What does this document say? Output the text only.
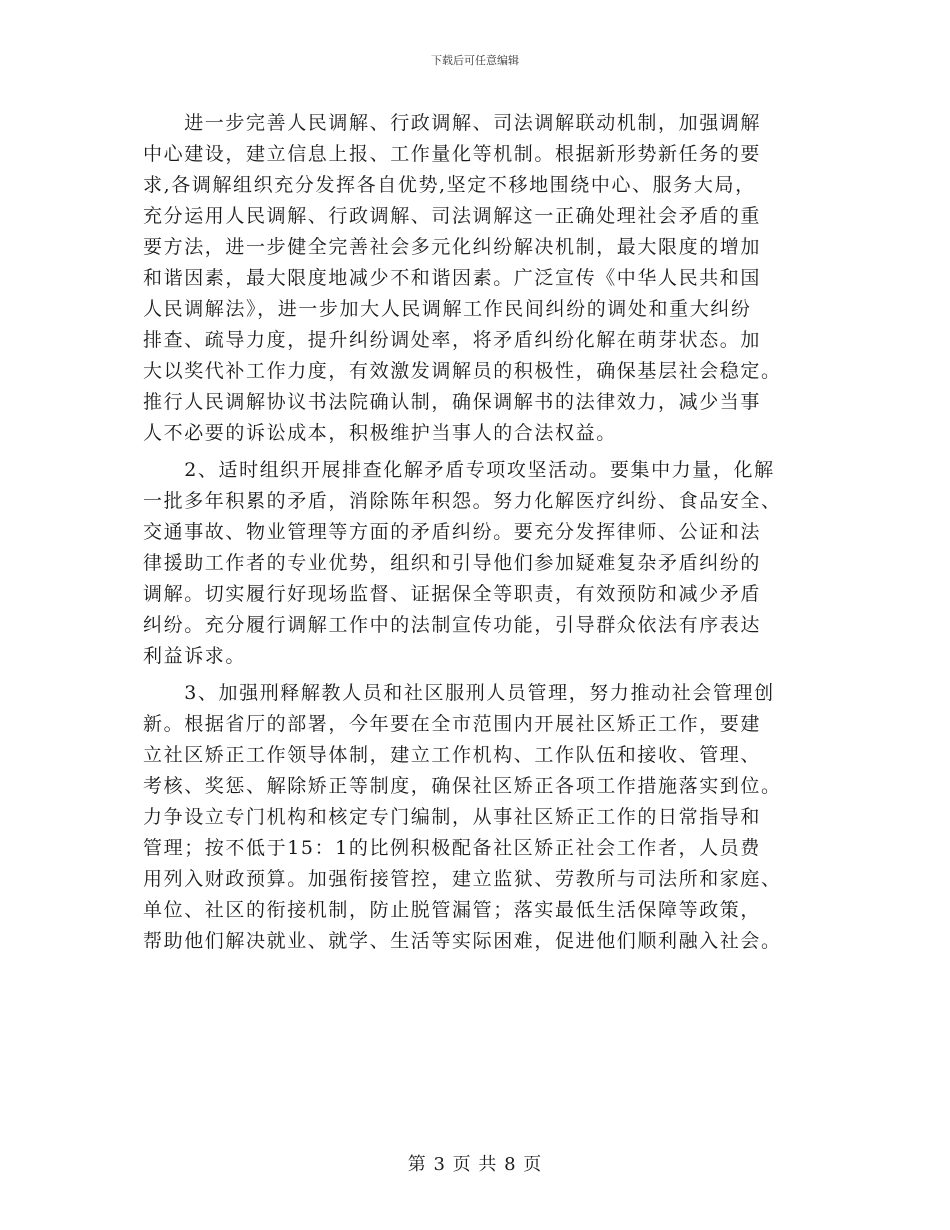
下载后可任意编辑
　　进一步完善人民调解、行政调解、司法调解联动机制，加强调解
中心建设，建立信息上报、工作量化等机制。根据新形势新任务的要
求,各调解组织充分发挥各自优势,坚定不移地围绕中心、服务大局，
充分运用人民调解、行政调解、司法调解这一正确处理社会矛盾的重
要方法，进一步健全完善社会多元化纠纷解决机制，最大限度的增加
和谐因素，最大限度地减少不和谐因素。广泛宣传《中华人民共和国
人民调解法》，进一步加大人民调解工作民间纠纷的调处和重大纠纷
排查、疏导力度，提升纠纷调处率，将矛盾纠纷化解在萌芽状态。加
大以奖代补工作力度，有效激发调解员的积极性，确保基层社会稳定。
推行人民调解协议书法院确认制，确保调解书的法律效力，减少当事
人不必要的诉讼成本，积极维护当事人的合法权益。
　　2、适时组织开展排查化解矛盾专项攻坚活动。要集中力量，化解
一批多年积累的矛盾，消除陈年积怨。努力化解医疗纠纷、食品安全、
交通事故、物业管理等方面的矛盾纠纷。要充分发挥律师、公证和法
律援助工作者的专业优势，组织和引导他们参加疑难复杂矛盾纠纷的
调解。切实履行好现场监督、证据保全等职责，有效预防和减少矛盾
纠纷。充分履行调解工作中的法制宣传功能，引导群众依法有序表达
利益诉求。
　　3、加强刑释解教人员和社区服刑人员管理，努力推动社会管理创
新。根据省厅的部署，今年要在全市范围内开展社区矫正工作，要建
立社区矫正工作领导体制，建立工作机构、工作队伍和接收、管理、
考核、奖惩、解除矫正等制度，确保社区矫正各项工作措施落实到位。
力争设立专门机构和核定专门编制，从事社区矫正工作的日常指导和
管理；按不低于15：1的比例积极配备社区矫正社会工作者，人员费
用列入财政预算。加强衔接管控，建立监狱、劳教所与司法所和家庭、
单位、社区的衔接机制，防止脱管漏管；落实最低生活保障等政策，
帮助他们解决就业、就学、生活等实际困难，促进他们顺利融入社会。
第 3 页 共 8 页
